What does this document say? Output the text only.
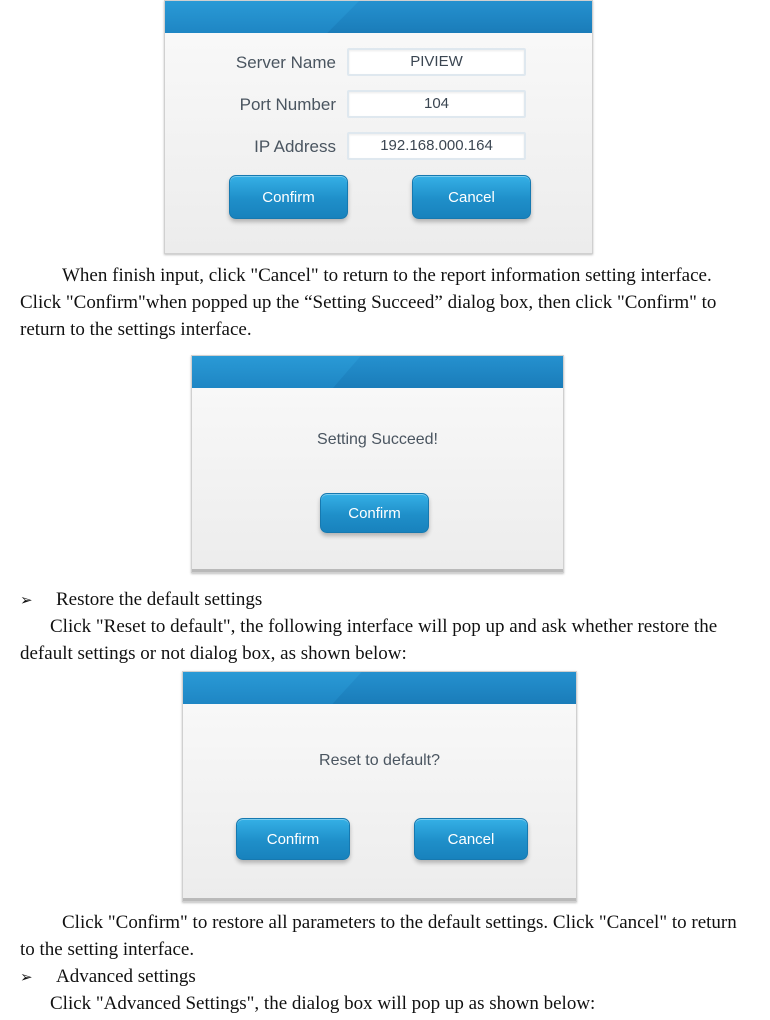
Server Name	PIVIEW
Port Number	104
IP Address	192.168.000.164
Confirm	Cancel

When finish input, click "Cancel" to return to the report information setting interface. Click "Confirm"when popped up the “Setting Succeed” dialog box, then click "Confirm" to return to the settings interface.

Setting Succeed!
Confirm
➢ Restore the default settings

Click "Reset to default", the following interface will pop up and ask whether restore the default settings or not dialog box, as shown below:

Reset to default?
Confirm	Cancel

Click "Confirm" to restore all parameters to the default settings. Click "Cancel" to return to the setting interface.

➢ Advanced settings

Click "Advanced Settings", the dialog box will pop up as shown below:
